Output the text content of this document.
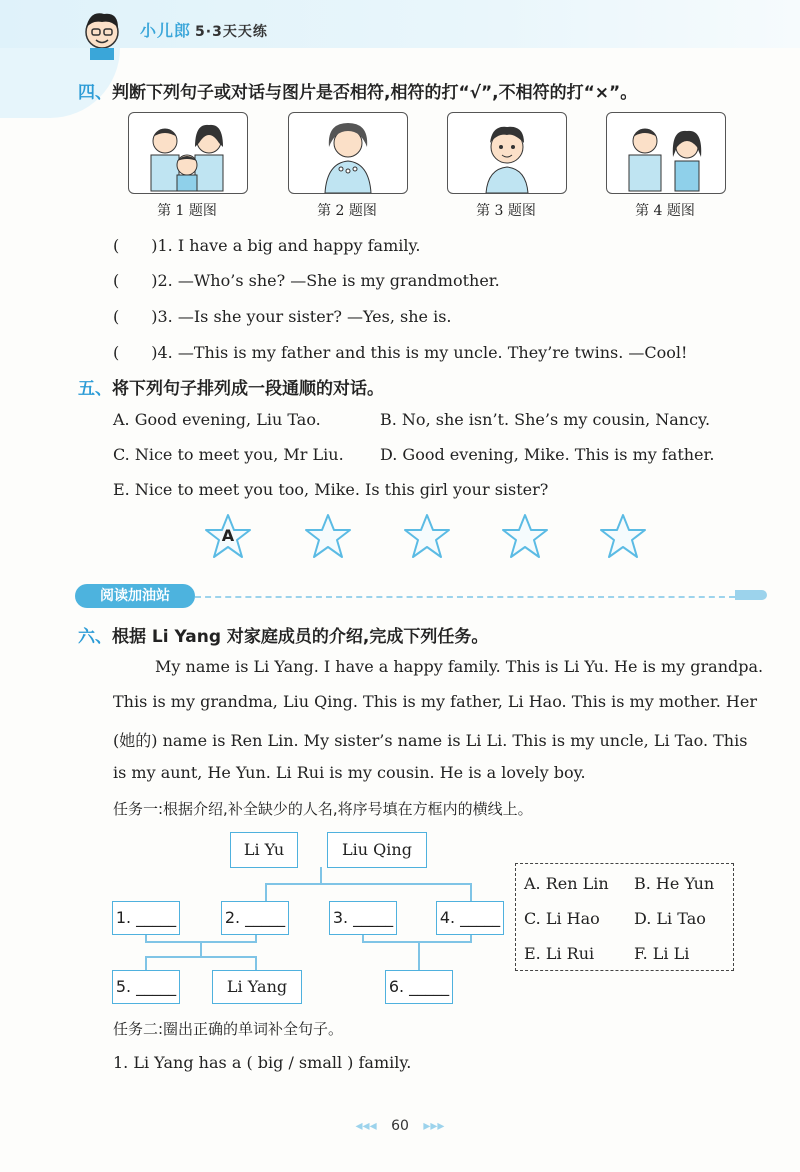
小儿郎 5·3天天练
四、判断下列句子或对话与图片是否相符,相符的打“√”,不相符的打“×”。
第 1 题图	第 2 题图	第 3 题图	第 4 题图
(　　)1. I have a big and happy family.
(　　)2. —Who’s she? —She is my grandmother.
(　　)3. —Is she your sister? —Yes, she is.
(　　)4. —This is my father and this is my uncle. They’re twins. —Cool!
五、将下列句子排列成一段通顺的对话。
A. Good evening, Liu Tao.	B. No, she isn’t. She’s my cousin, Nancy.
C. Nice to meet you, Mr Liu. D. Good evening, Mike. This is my father.
E. Nice to meet you too, Mike. Is this girl your sister?
A
阅读加油站
六、根据 Li Yang 对家庭成员的介绍,完成下列任务。
My name is Li Yang. I have a happy family. This is Li Yu. He is my grandpa.
This is my grandma, Liu Qing. This is my father, Li Hao. This is my mother. Her
(她的) name is Ren Lin. My sister’s name is Li Li. This is my uncle, Li Tao. This
is my aunt, He Yun. Li Rui is my cousin. He is a lovely boy.
任务一:根据介绍,补全缺少的人名,将序号填在方框内的横线上。
Li Yu	Liu Qing
1. _____	2. _____	3. _____	4. _____
5. _____	Li Yang	6. _____
A. Ren Lin B. He Yun
C. Li Hao D. Li Tao
E. Li Rui F. Li Li
任务二:圈出正确的单词补全句子。
1. Li Yang has a ( big / small ) family.
◂◂◂ 60 ▸▸▸
